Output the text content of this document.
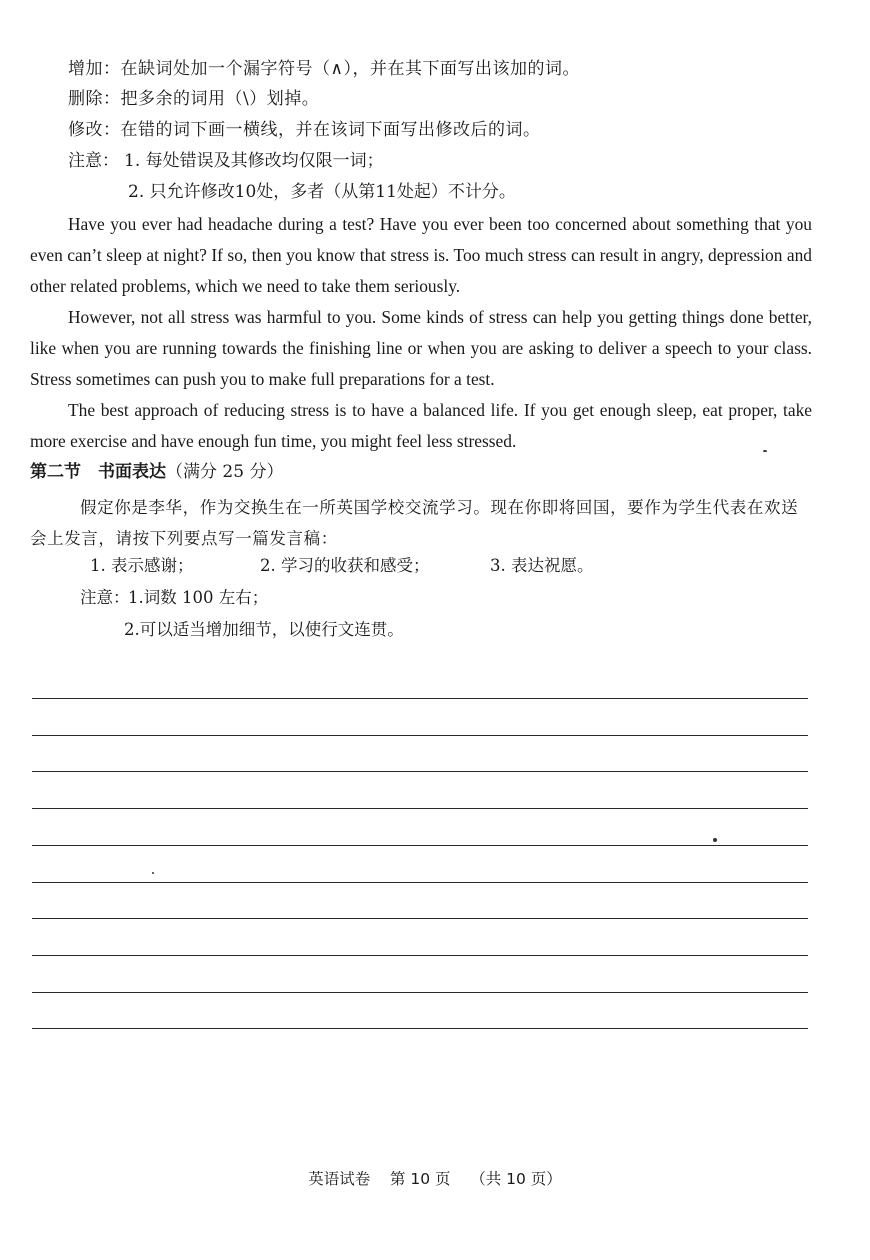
增加：在缺词处加一个漏字符号（∧），并在其下面写出该加的词。
删除：把多余的词用（\）划掉。
修改：在错的词下画一横线，并在该词下面写出修改后的词。
注意： 1. 每处错误及其修改均仅限一词；
2. 只允许修改10处，多者（从第11处起）不计分。

Have you ever had headache during a test? Have you ever been too concerned about something that you even can’t sleep at night? If so, then you know that stress is. Too much stress can result in angry, depression and other related problems, which we need to take them seriously.

However, not all stress was harmful to you. Some kinds of stress can help you getting things done better, like when you are running towards the finishing line or when you are asking to deliver a speech to your class. Stress sometimes can push you to make full preparations for a test.

The best approach of reducing stress is to have a balanced life. If you get enough sleep, eat proper, take more exercise and have enough fun time, you might feel less stressed.

第二节　书面表达（满分 25 分）

假定你是李华，作为交换生在一所英国学校交流学习。现在你即将回国，要作为学生代表在欢送会上发言，请按下列要点写一篇发言稿：

1. 表示感谢；	2. 学习的收获和感受；	3. 表达祝愿。
注意：
1.词数 100 左右；
2.可以适当增加细节，以使行文连贯。
英语试卷 第 10 页 （共 10 页）
